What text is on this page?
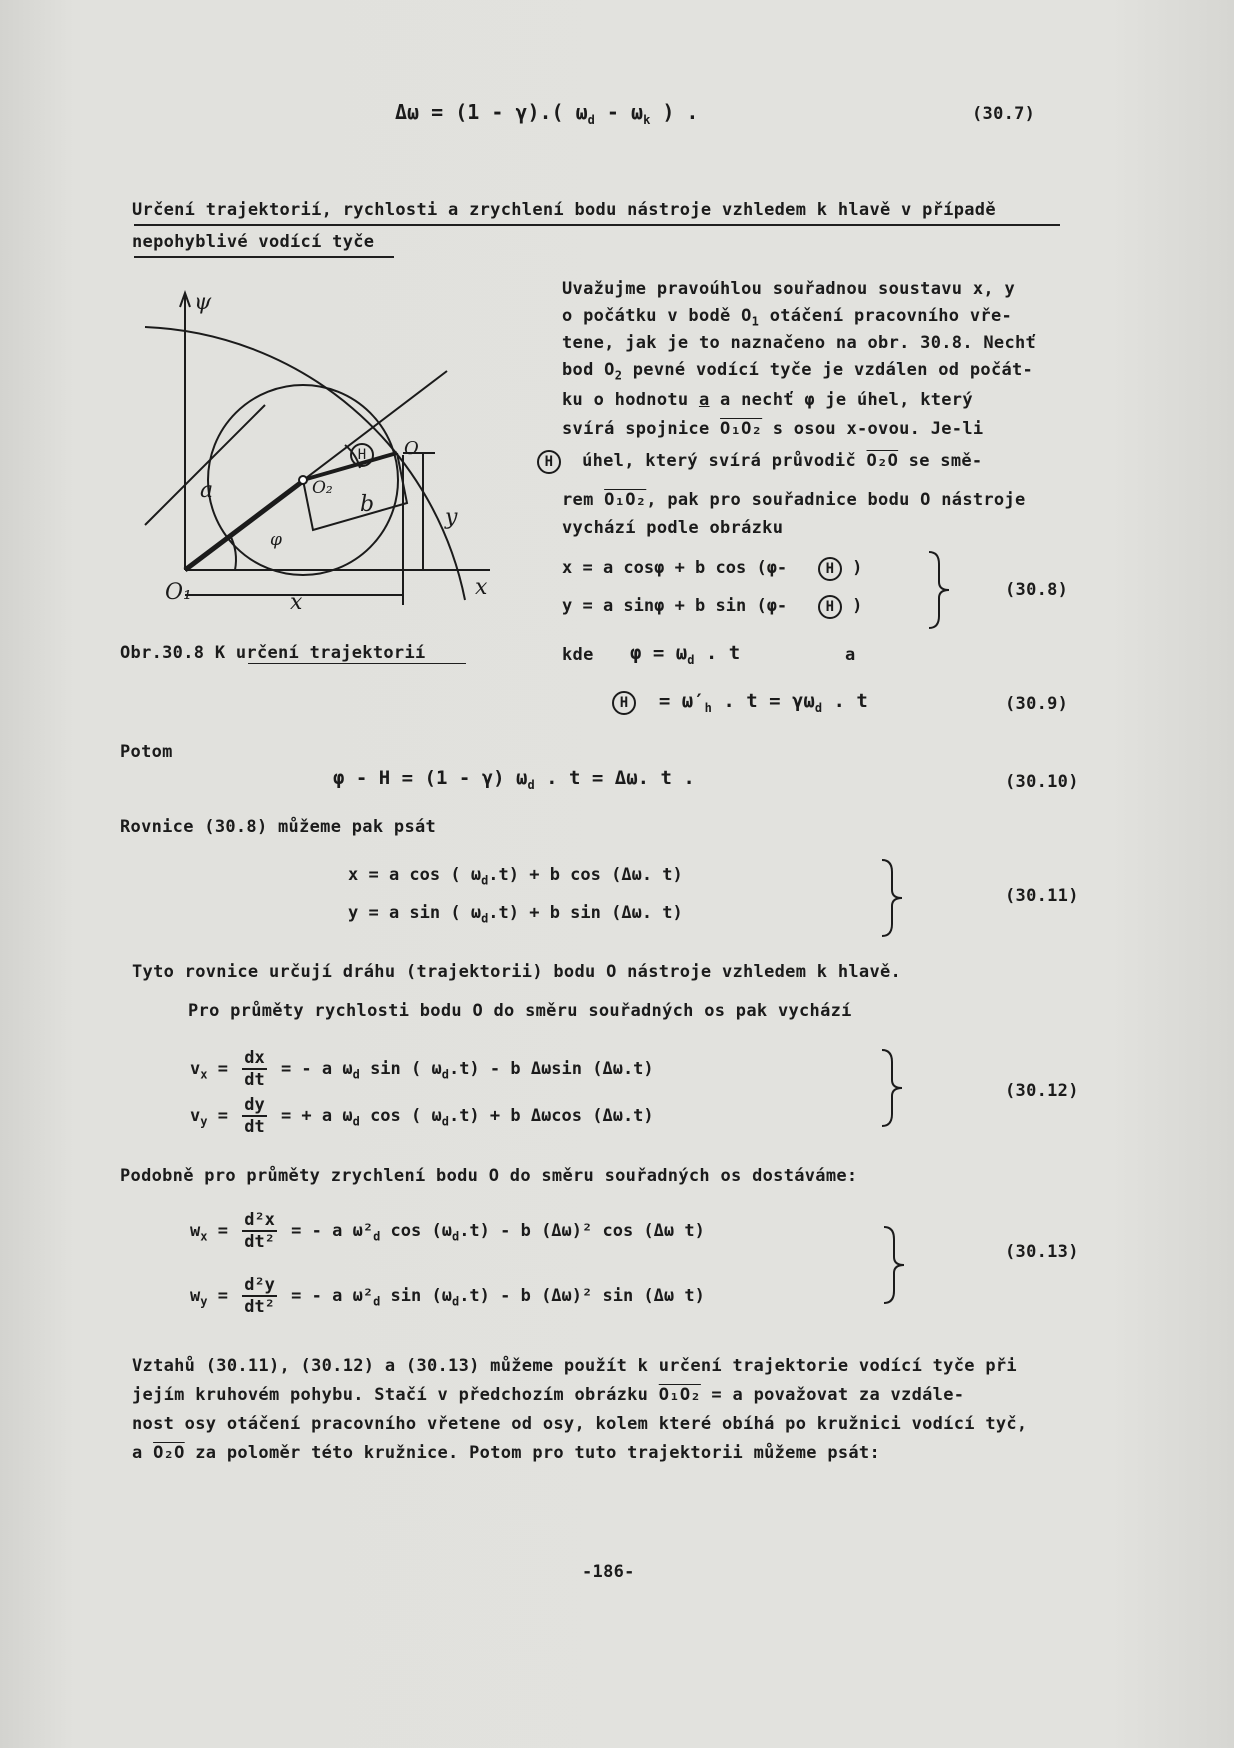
Δω = (1 - γ).( $\omega_d - \omega_k$ ) .	(30.7)
Určení trajektorií, rychlosti a zrychlení bodu nástroje vzhledem k hlavě v případě
nepohyblivé vodící tyče
ψ
a
b
O₁
O₂
O
x
y
x
φ
H
Obr.30.8 K určení trajektorií
Uvažujme pravoúhlou souřadnou soustavu x, y
o počátku v bodě $O_1$ otáčení pracovního vře-
tene, jak je to naznačeno na obr. 30.8. Nechť
bod $O_2$ pevné vodící tyče je vzdálen od počát-
ku o hodnotu a a nechť φ je úhel, který
svírá spojnice O₁O₂ s osou x-ovou. Je-li
H úhel, který svírá průvodič O₂O se smě-
rem O₁O₂, pak pro souřadnice bodu O nástroje
vychází podle obrázku
x = a cosφ + b cos (φ-	H )
y = a sinφ + b sin (φ-	H )
(30.8)
kde $\varphi = \omega_d$ . t	a
$H = \omega'_h$ . $t = \gamma\omega_d$ . t	(30.9)
Potom
φ - H = (1 - γ) $\omega_d$ . t = Δω. t .	(30.10)
Rovnice (30.8) můžeme pak psát
x = a cos ( $\omega_d.t) + b$ cos (Δω. t)
y = a sin ( $\omega_d.t) + b$ sin (Δω. t)
(30.11)
Tyto rovnice určují dráhu (trajektorii) bodu O nástroje vzhledem k hlavě.
Pro průměty rychlosti bodu O do směru souřadných os pak vychází
$v_x = \frac{dx}{dt}$ = - a $\omega_d$ sin ( $\omega_d.t$) - b Δωsin (Δω.t)
$v_y = \frac{dy}{dt}$ = + a $\omega_d$ cos ( $\omega_d.t) + b$ Δωcos (Δω.t)
(30.12)
Podobně pro průměty zrychlení bodu O do směru souřadných os dostáváme:
$w_x = \frac{\text{d²x}}{\text{dt²}}$ = - a $\omega^2_d$ $\cos (\omega_d.t)$ - b (Δω)² cos (Δω t)
$w_y = \frac{\text{d²y}}{\text{dt²}}$ = - a $\omega^2_d$ $\sin (\omega_d.t)$ - b (Δω)² sin (Δω t)
(30.13)
Vztahů (30.11), (30.12) a (30.13) můžeme použít k určení trajektorie vodící tyče při
jejím kruhovém pohybu. Stačí v předchozím obrázku O₁O₂ = a považovat za vzdále-
nost osy otáčení pracovního vřetene od osy, kolem které obíhá po kružnici vodící tyč,
a O₂O za poloměr této kružnice. Potom pro tuto trajektorii můžeme psát:
-186-
